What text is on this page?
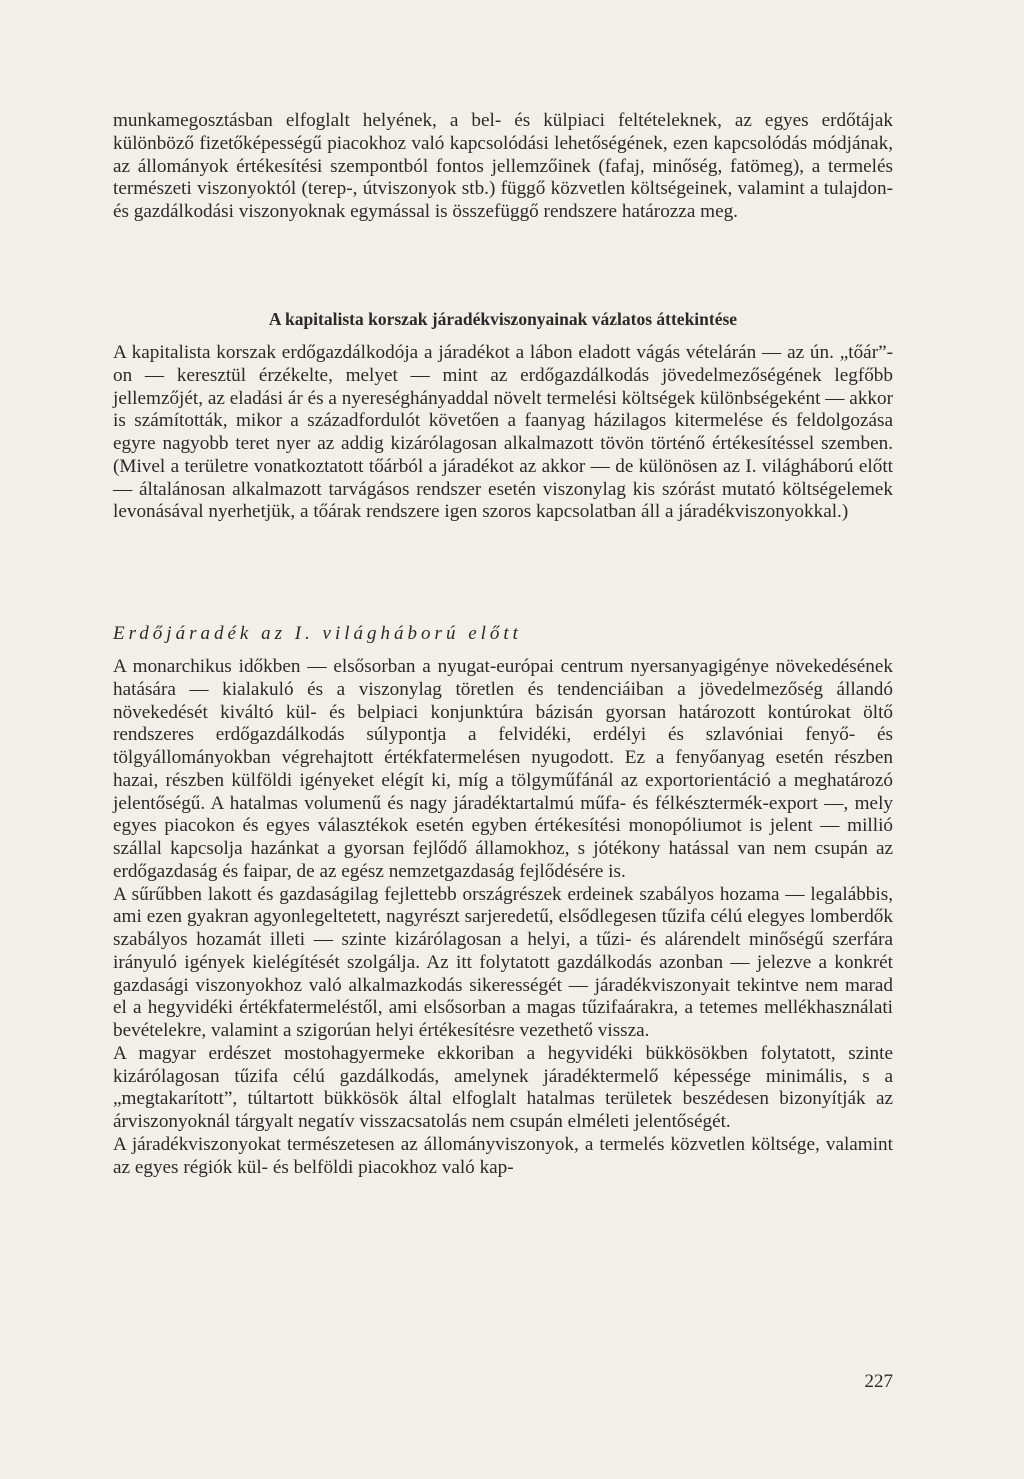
munkamegosztásban elfoglalt helyének, a bel- és külpiaci feltételeknek, az egyes erdőtájak különböző fizetőképességű piacokhoz való kapcsolódási lehetőségének, ezen kapcsolódás módjának, az állományok értékesítési szempontból fontos jellemzőinek (fafaj, minőség, fatömeg), a termelés természeti viszonyoktól (terep-, útviszonyok stb.) függő közvetlen költségeinek, valamint a tulajdon- és gazdálkodási viszonyoknak egymással is összefüggő rendszere határozza meg.

A kapitalista korszak járadékviszonyainak vázlatos áttekintése

A kapitalista korszak erdőgazdálkodója a járadékot a lábon eladott vágás vételárán — az ún. „tőár”-on — keresztül érzékelte, melyet — mint az erdőgazdálkodás jövedelmezőségének legfőbb jellemzőjét, az eladási ár és a nyereséghányaddal növelt termelési költségek különbségeként — akkor is számították, mikor a századfordulót követően a faanyag házilagos kitermelése és feldolgozása egyre nagyobb teret nyer az addig kizárólagosan alkalmazott tövön történő értékesítéssel szemben. (Mivel a területre vonatkoztatott tőárból a járadékot az akkor — de különösen az I. világháború előtt — általánosan alkalmazott tarvágásos rendszer esetén viszonylag kis szórást mutató költségelemek levonásával nyerhetjük, a tőárak rendszere igen szoros kapcsolatban áll a járadékviszonyokkal.)

Erdőjáradék az I. világháború előtt

A monarchikus időkben — elsősorban a nyugat-európai centrum nyersanyagigénye növekedésének hatására — kialakuló és a viszonylag töretlen és tendenciáiban a jövedelmezőség állandó növekedését kiváltó kül- és belpiaci konjunktúra bázisán gyorsan határozott kontúrokat öltő rendszeres erdőgazdálkodás súlypontja a felvidéki, erdélyi és szlavóniai fenyő- és tölgyállományokban végrehajtott értékfatermelésen nyugodott. Ez a fenyőanyag esetén részben hazai, részben külföldi igényeket elégít ki, míg a tölgyműfánál az exportorientáció a meghatározó jelentőségű. A hatalmas volumenű és nagy járadéktartalmú műfa- és félkésztermék-export —, mely egyes piacokon és egyes választékok esetén egyben értékesítési monopóliumot is jelent — millió szállal kapcsolja hazánkat a gyorsan fejlődő államokhoz, s jótékony hatással van nem csupán az erdőgazdaság és faipar, de az egész nemzetgazdaság fejlődésére is.

A sűrűbben lakott és gazdaságilag fejlettebb országrészek erdeinek szabályos hozama — legalábbis, ami ezen gyakran agyonlegeltetett, nagyrészt sarjeredetű, elsődlegesen tűzifa célú elegyes lomberdők szabályos hozamát illeti — szinte kizárólagosan a helyi, a tűzi- és alárendelt minőségű szerfára irányuló igények kielégítését szolgálja. Az itt folytatott gazdálkodás azonban — jelezve a konkrét gazdasági viszonyokhoz való alkalmazkodás sikerességét — járadékviszonyait tekintve nem marad el a hegyvidéki értékfatermeléstől, ami elsősorban a magas tűzifaárakra, a tetemes mellékhasználati bevételekre, valamint a szigorúan helyi értékesítésre vezethető vissza.

A magyar erdészet mostohagyermeke ekkoriban a hegyvidéki bükkösökben folytatott, szinte kizárólagosan tűzifa célú gazdálkodás, amelynek járadéktermelő képessége minimális, s a „megtakarított”, túltartott bükkösök által elfoglalt hatalmas területek beszédesen bizonyítják az árviszonyoknál tárgyalt negatív visszacsatolás nem csupán elméleti jelentőségét.

A járadékviszonyokat természetesen az állományviszonyok, a termelés közvetlen költsége, valamint az egyes régiók kül- és belföldi piacokhoz való kap-

227
